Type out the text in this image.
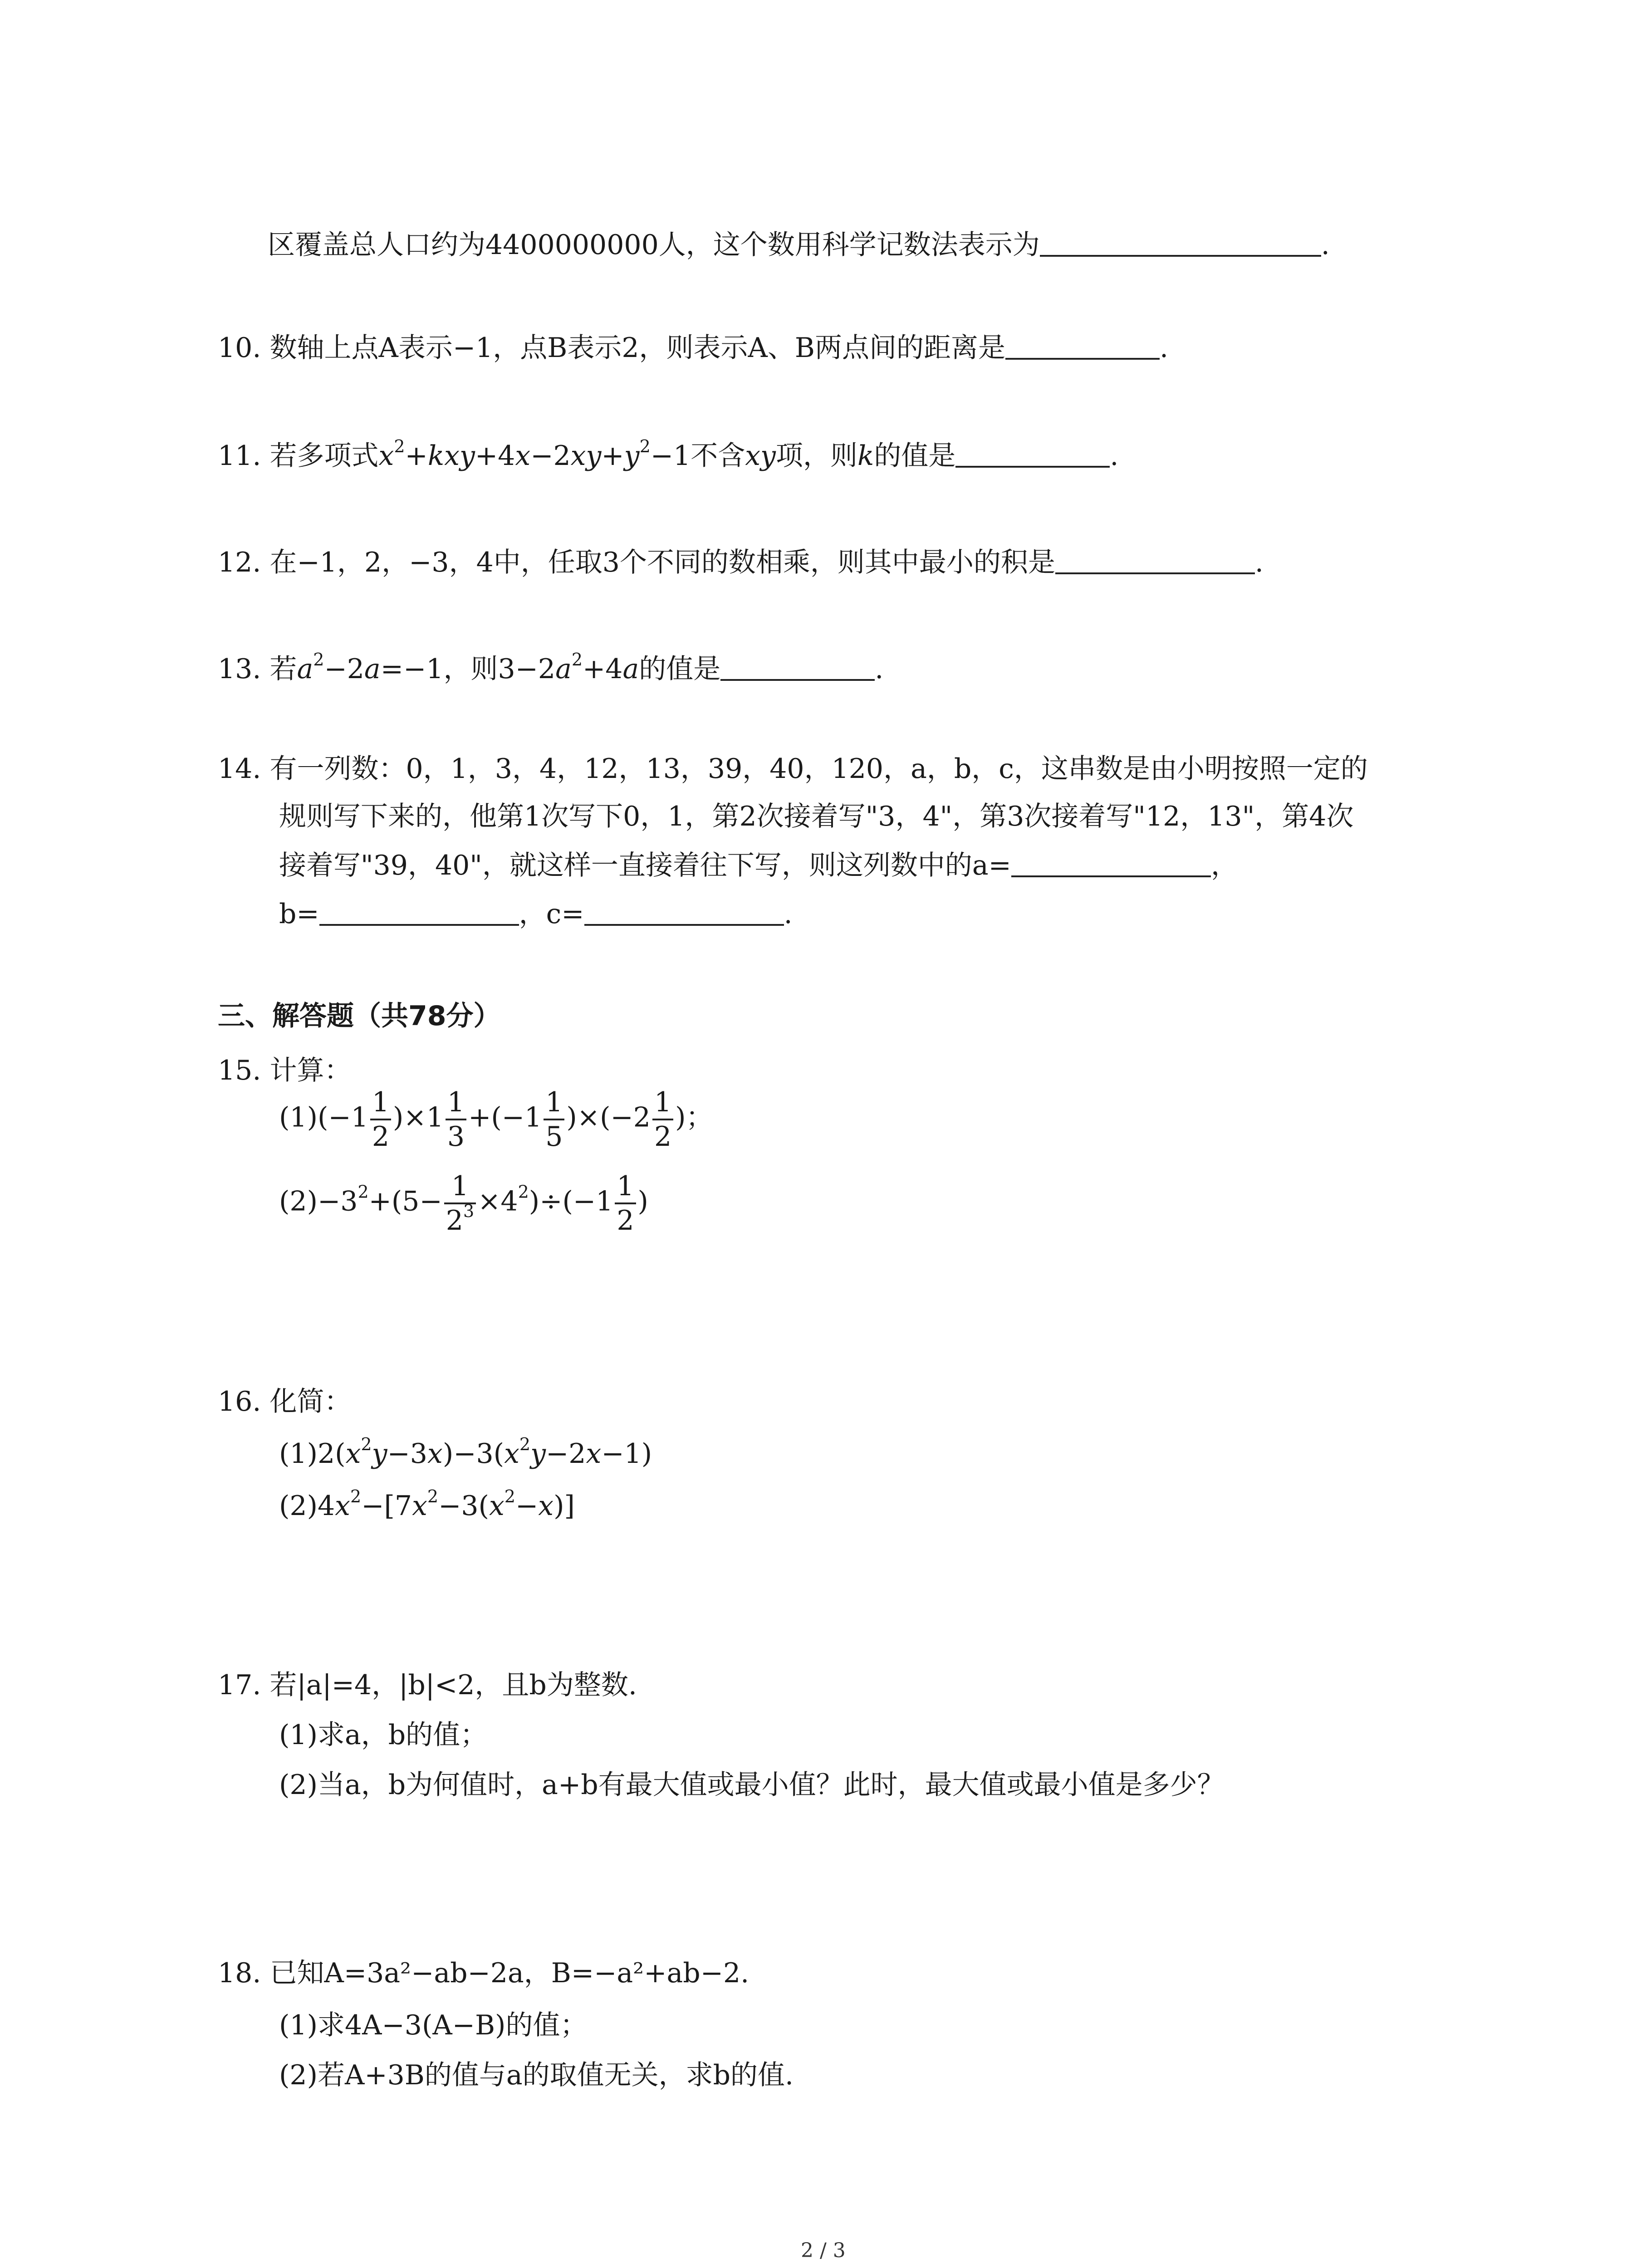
区覆盖总人口约为4400000000人，这个数用科学记数法表示为	.
10. 数轴上点A表示−1，点B表示2，则表示A、B两点间的距离是	.
11. 若多项式$x^2+kxy+4x-2xy+y^2-1$不含xy项，则k的值是	.
12. 在−1，2，−3，4中，任取3个不同的数相乘，则其中最小的积是	.
13. 若$a^2-2a=-1$，则$3-2a^2+4a$的值是	.
14. 有一列数：0，1，3，4，12，13，39，40，120，a，b，c，这串数是由小明按照一定的
规则写下来的，他第1次写下0，1，第2次接着写"3，4"，第3次接着写"12，13"，第4次
接着写"39，40"，就这样一直接着往下写，则这列数中的a=	，
b=	，c=	.
三、解答题（共78分）
15. 计算：
$(1)(-1 \frac{1}{2} )\times 1 \frac{1}{3} +(-1 \frac{1}{5} )\times(-2 \frac{1}{2}$ )；
$(2)-3^2+(5- \frac{1}{2^3} \times 4^2)\div(-1 \frac{1}{2}$ )
16. 化简：
$(1)2(x^2y-3x)-3(x^2y-2x-1)$
$(2)4x^2-[7x^2-3(x^2-x)]$
17. 若|a|=4，|b|<2，且b为整数.
(1)求a，b的值；
(2)当a，b为何值时，a+b有最大值或最小值？此时，最大值或最小值是多少？
18. 已知A=3a²−ab−2a，B=−a²+ab−2.
(1)求4A−3(A−B)的值；
(2)若A+3B的值与a的取值无关，求b的值.
2 / 3
